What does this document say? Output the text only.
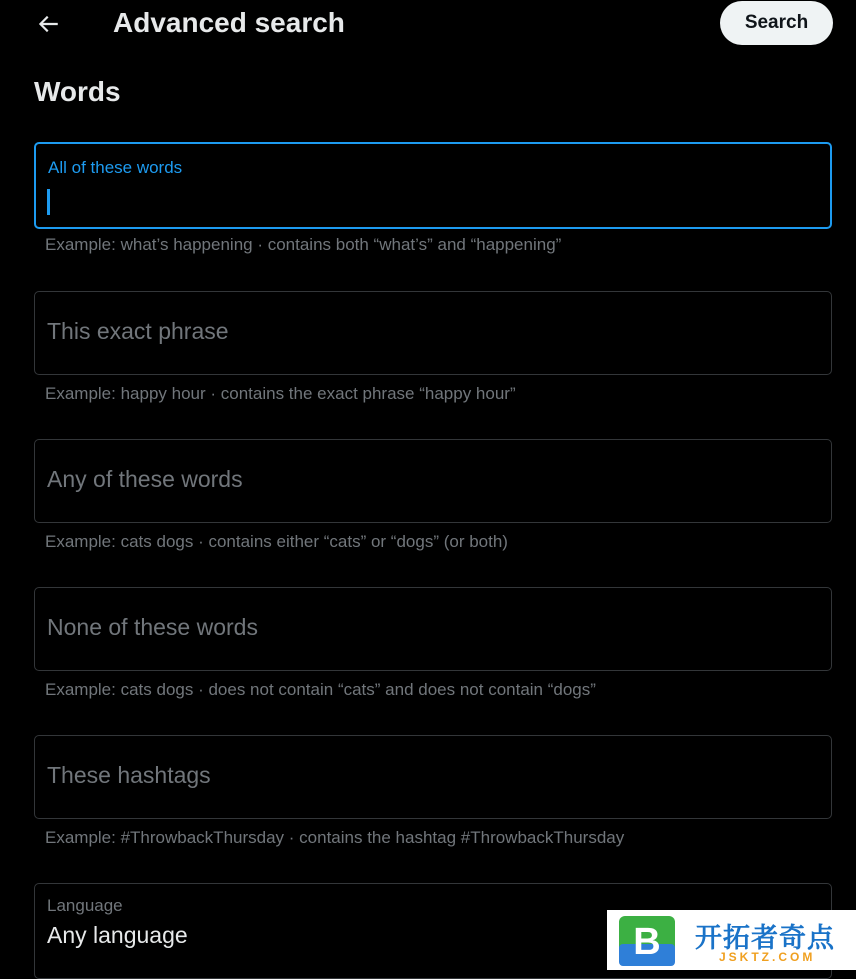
Advanced search	Search
Words
All of these words
Example: what’s happening · contains both “what’s” and “happening”
This exact phrase
Example: happy hour · contains the exact phrase “happy hour”
Any of these words
Example: cats dogs · contains either “cats” or “dogs” (or both)
None of these words
Example: cats dogs · does not contain “cats” and does not contain “dogs”
These hashtags
Example: #ThrowbackThursday · contains the hashtag #ThrowbackThursday
Language
Any language	B 开拓者奇点
JSKTZ.COM
